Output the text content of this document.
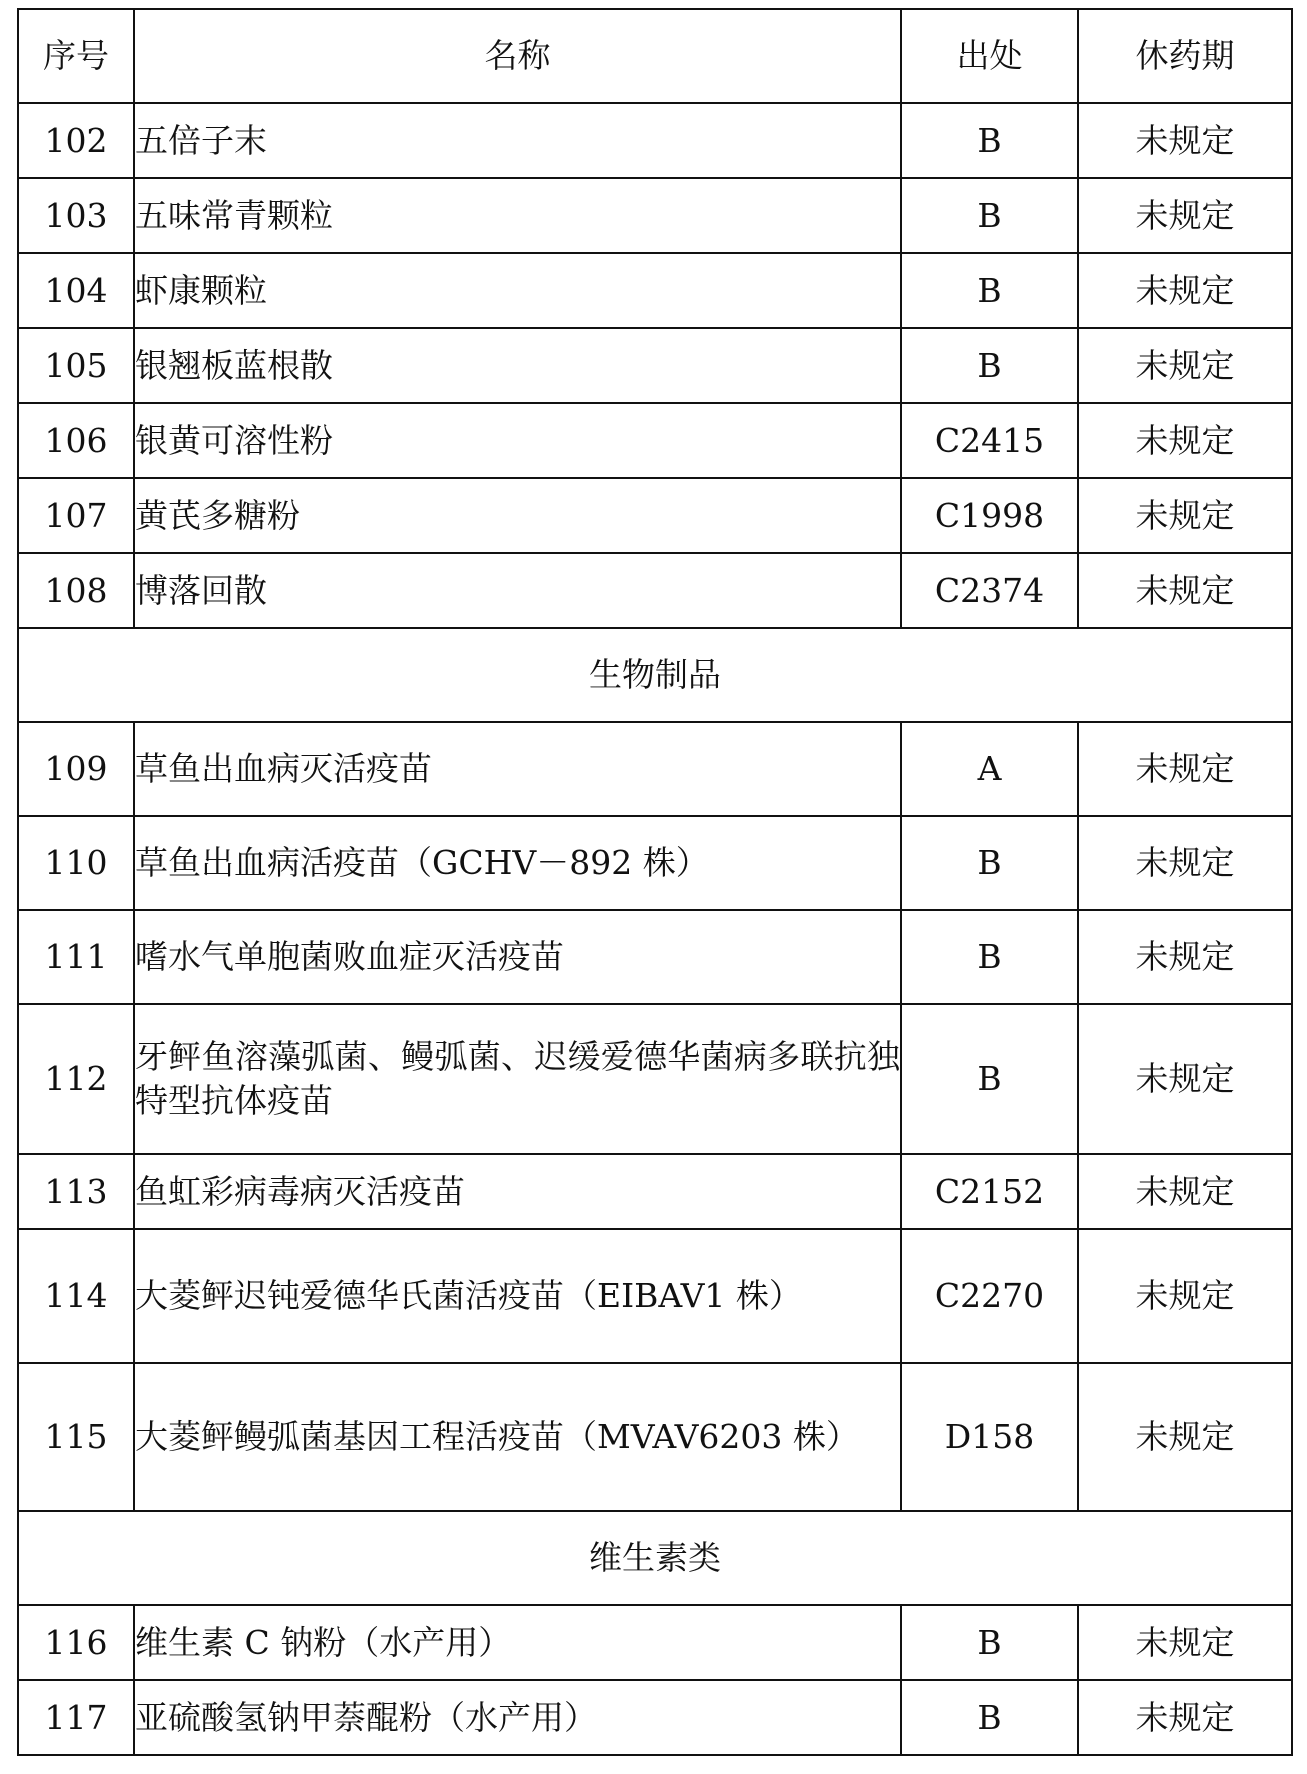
序号	名称	出处	休药期
102	五倍子末	B	未规定
103	五味常青颗粒	B	未规定
104	虾康颗粒	B	未规定
105	银翘板蓝根散	B	未规定
106	银黄可溶性粉	C2415	未规定
107	黄芪多糖粉	C1998	未规定
108	博落回散	C2374	未规定
生物制品			
109	草鱼出血病灭活疫苗	A	未规定
110	草鱼出血病活疫苗（GCHV－892 株）	B	未规定
111	嗜水气单胞菌败血症灭活疫苗	B	未规定
112	牙鲆鱼溶藻弧菌、鳗弧菌、迟缓爱德华菌病多联抗独特型抗体疫苗	B	未规定
113	鱼虹彩病毒病灭活疫苗	C2152	未规定
114	大菱鲆迟钝爱德华氏菌活疫苗（EIBAV1 株）	C2270	未规定
115	大菱鲆鳗弧菌基因工程活疫苗（MVAV6203 株）	D158	未规定
维生素类			
116	维生素 C 钠粉（水产用）	B	未规定
117	亚硫酸氢钠甲萘醌粉（水产用）	B	未规定
